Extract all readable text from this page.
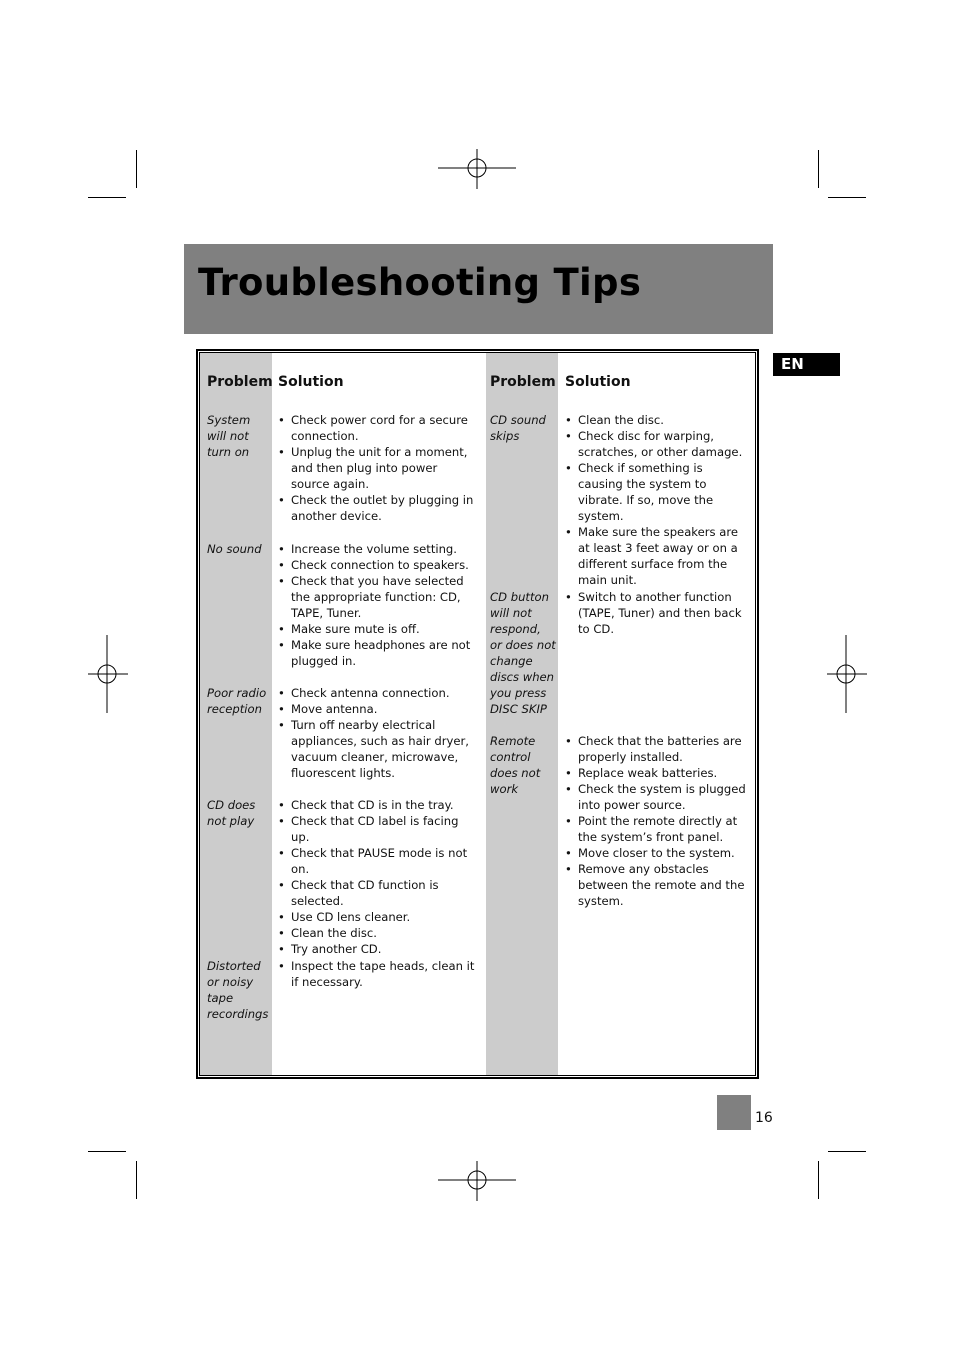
Troubleshooting Tips
EN
Problem Solution	Problem Solution
System will not turn on
• Check power cord for a secure connection.
• Unplug the unit for a moment, and then plug into power source again.
• Check the outlet by plugging in another device.
No sound
•	Increase the volume setting.
• Check connection to speakers.
• Check that you have selected the appropriate function: CD, TAPE, Tuner.
• Make sure mute is off.
• Make sure headphones are not plugged in.
Poor radio reception
• Check antenna connection.
• Move antenna.
• Turn off nearby electrical appliances, such as hair dryer, vacuum cleaner, microwave, fluorescent lights.
CD does not play
• Check that CD is in the tray.
• Check that CD label is facing up.
• Check that PAUSE mode is not on.
• Check that CD function is selected.
• Use CD lens cleaner.
• Clean the disc.
• Try another CD.
Distorted or noisy tape recordings
• Inspect the tape heads, clean it if necessary.
CD sound skips
• Clean the disc.
• Check disc for warping, scratches, or other damage.
• Check if something is causing the system to vibrate. If so, move the system.
• Make sure the speakers are at least 3 feet away or on a different surface from the main unit.
CD button will not respond, or does not change discs when you press DISC SKIP
• Switch to another function (TAPE, Tuner) and then back to CD.
Remote control does not work
• Check that the batteries are properly installed.
• Replace weak batteries.
• Check the system is plugged into power source.
• Point the remote directly at the system’s front panel.
• Move closer to the system.
• Remove any obstacles between the remote and the system.
16
